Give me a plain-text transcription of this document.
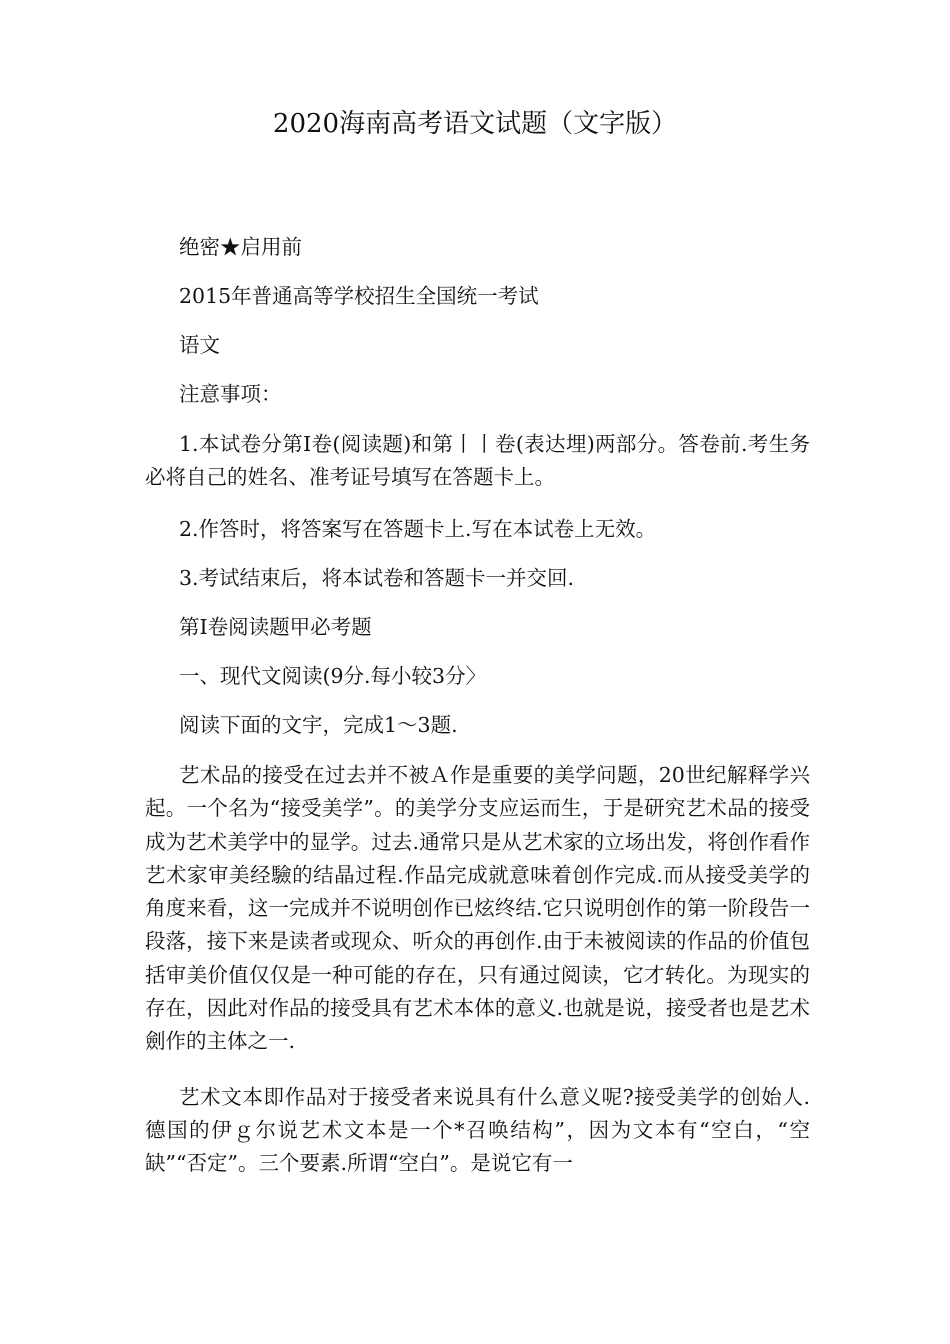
2020海南高考语文试题（文字版）

绝密★启用前

2015年普通高等学校招生全国统一考试

语文

注意事项：

1.本试卷分第Ⅰ卷(阅读题)和第丨丨卷(表达埋)两部分。答卷前.考生务必将自己的姓名、准考证号填写在答题卡上。

2.作答时，将答案写在答题卡上.写在本试卷上无效。

3.考试结束后，将本试卷和答题卡一并交回.

第Ⅰ卷阅读题甲必考题

一、现代文阅读(9分.每小较3分〉

阅读下面的文宇，完成1〜3题.

艺术品的接受在过去并不被Ａ作是重要的美学问题，20世纪解释学兴起。一个名为“接受美学”。的美学分支应运而生，于是研究艺术品的接受成为艺术美学中的显学。过去.通常只是从艺术家的立场出发，将创作看作艺术家审美经驗的结晶过程.作品完成就意味着创作完成.而从接受美学的角度来看，这一完成并不说明创作已炫终结.它只说明创作的第一阶段告一段落，接下来是读者或现众、听众的再创作.由于未被阅读的作品的价值包括审美价值仅仅是一种可能的存在，只有通过阅读，它才转化。为现实的存在，因此对作品的接受具有艺术本体的意义.也就是说，接受者也是艺术劍作的主体之一.

艺术文本即作品对于接受者来说具有什么意义呢?接受美学的创始人.德国的伊ｇ尔说艺术文本是一个*召唤结构”，因为文本有“空白，“空缺”“否定”。三个要素.所谓“空白”。是说它有一
